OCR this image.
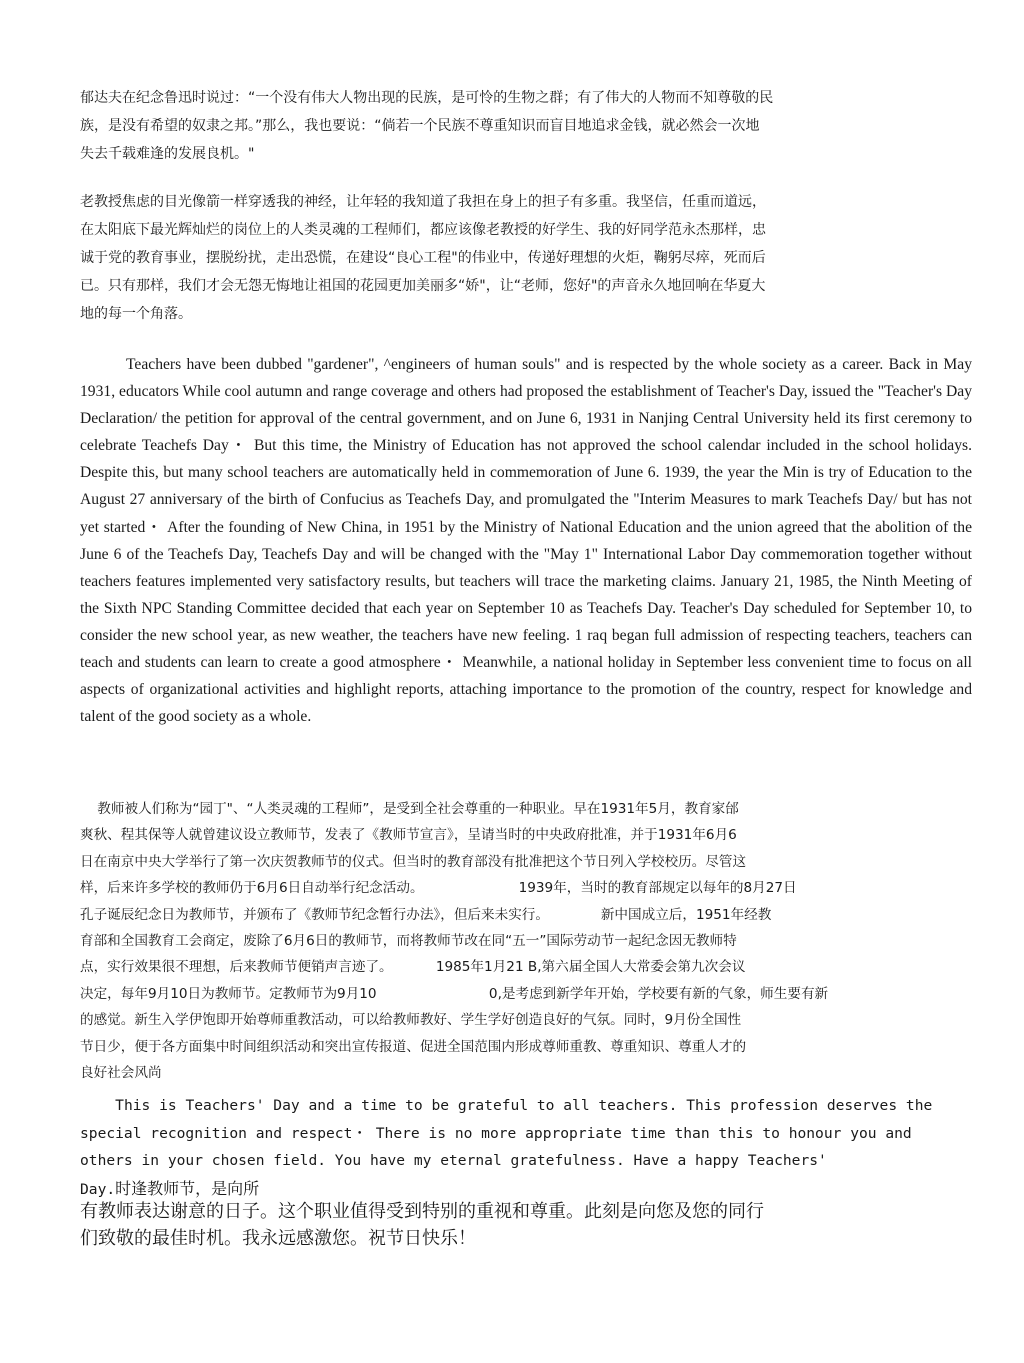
郁达夫在纪念鲁迅时说过：“一个没有伟大人物出现的民族，是可怜的生物之群；有了伟大的人物而不知尊敬的民
族，是没有希望的奴隶之邦。”那么，我也要说：“倘若一个民族不尊重知识而盲目地追求金钱，就必然会一次地
失去千载难逢的发展良机。"

老教授焦虑的目光像箭一样穿透我的神经，让年轻的我知道了我担在身上的担子有多重。我坚信，任重而道远，
在太阳底下最光辉灿烂的岗位上的人类灵魂的工程师们，都应该像老教授的好学生、我的好同学范永杰那样，忠
诚于党的教育事业，摆脱纷扰，走出恐慌，在建设“良心工程"的伟业中，传递好理想的火炬，鞠躬尽瘁，死而后
已。只有那样，我们才会无怨无悔地让祖国的花园更加美丽多“娇"，让“老师，您好"的声音永久地回响在华夏大
地的每一个角落。

Teachers have been dubbed "gardener", ^engineers of human souls" and is respected by the whole society as a career. Back in May 1931, educators While cool autumn and range coverage and others had proposed the establishment of Teacher's Day, issued the "Teacher's Day Declaration/ the petition for approval of the central government, and on June 6, 1931 in Nanjing Central University held its first ceremony to celebrate Teachefs Day・ But this time, the Ministry of Education has not approved the school calendar included in the school holidays. Despite this, but many school teachers are automatically held in commemoration of June 6. 1939, the year the Min is try of Education to the August 27 anniversary of the birth of Confucius as Teachefs Day, and promulgated the "Interim Measures to mark Teachefs Day/ but has not yet started・ After the founding of New China, in 1951 by the Ministry of National Education and the union agreed that the abolition of the June 6 of the Teachefs Day, Teachefs Day and will be changed with the "May 1" International Labor Day commemoration together without teachers features implemented very satisfactory results, but teachers will trace the marketing claims. January 21, 1985, the Ninth Meeting of the Sixth NPC Standing Committee decided that each year on September 10 as Teachefs Day. Teacher's Day scheduled for September 10, to consider the new school year, as new weather, the teachers have new feeling. 1 raq began full admission of respecting teachers, teachers can teach and students can learn to create a good atmosphere・ Meanwhile, a national holiday in September less convenient time to focus on all aspects of organizational activities and highlight reports, attaching importance to the promotion of the country, respect for knowledge and talent of the good society as a whole.

教师被人们称为“园丁"、“人类灵魂的工程师”，是受到全社会尊重的一种职业。早在1931年5月，教育家邰
爽秋、程其保等人就曾建议设立教师节，发表了《教师节宣言》，呈请当时的中央政府批准，并于1931年6月6
日在南京中央大学举行了第一次庆贺教师节的仪式。但当时的教育部没有批准把这个节日列入学校校历。尽管这
样，后来许多学校的教师仍于6月6日自动举行纪念活动。                      1939年，当时的教育部规定以每年的8月27日
孔子诞辰纪念日为教师节，并颁布了《教师节纪念暂行办法》，但后来未实行。            新中国成立后，1951年经教
育部和全国教育工会商定，废除了6月6日的教师节，而将教师节改在同“五一”国际劳动节一起纪念因无教师特
点，实行效果很不理想，后来教师节便销声言迹了。          1985年1月21 B,第六届全国人大常委会第九次会议
决定，每年9月10日为教师节。定教师节为9月10                          0,是考虑到新学年开始，学校要有新的气象，师生要有新
的感觉。新生入学伊饱即开始尊师重教活动，可以给教师教好、学生学好创造良好的气氛。同时，9月份全国性
节日少，便于各方面集中时间组织活动和突出宣传报道、促进全国范围内形成尊师重教、尊重知识、尊重人才的
良好社会风尚

This is Teachers' Day and a time to be grateful to all teachers. This profession deserves the
special recognition and respect・ There is no more appropriate time than this to honour you and
others in your chosen field. You have my eternal gratefulness. Have a happy Teachers'
Day.时逢教师节，是向所

有教师表达谢意的日子。这个职业值得受到特别的重视和尊重。此刻是向您及您的同行
们致敬的最佳时机。我永远感激您。祝节日快乐！
